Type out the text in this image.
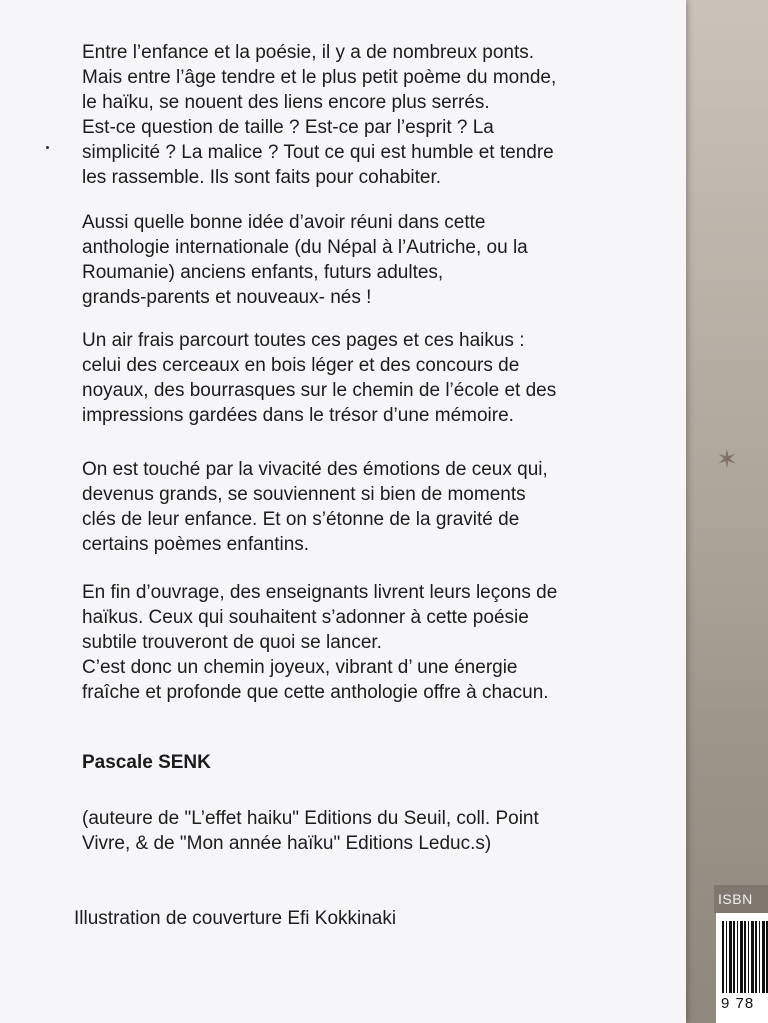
✶
ISBN
9 78

Entre l’enfance et la poésie, il y a de nombreux ponts.
Mais entre l’âge tendre et le plus petit poème du monde,
le haïku, se nouent des liens encore plus serrés.
Est-ce question de taille ? Est-ce par l’esprit ? La
simplicité ? La malice ? Tout ce qui est humble et tendre
les rassemble. Ils sont faits pour cohabiter.

Aussi quelle bonne idée d’avoir réuni dans cette
anthologie internationale (du Népal à l’Autriche, ou la
Roumanie) anciens enfants, futurs adultes,
grands-parents et nouveaux- nés !

Un air frais parcourt toutes ces pages et ces haikus :
celui des cerceaux en bois léger et des concours de
noyaux, des bourrasques sur le chemin de l’école et des
impressions gardées dans le trésor d’une mémoire.

On est touché par la vivacité des émotions de ceux qui,
devenus grands, se souviennent si bien de moments
clés de leur enfance. Et on s’étonne de la gravité de
certains poèmes enfantins.

En fin d’ouvrage, des enseignants livrent leurs leçons de
haïkus. Ceux qui souhaitent s’adonner à cette poésie
subtile trouveront de quoi se lancer.
C’est donc un chemin joyeux, vibrant d’ une énergie
fraîche et profonde que cette anthologie offre à chacun.

Pascale SENK

(auteure de "L’effet haiku" Editions du Seuil, coll. Point
Vivre, & de "Mon année haïku" Editions Leduc.s)

Illustration de couverture Efi Kokkinaki
